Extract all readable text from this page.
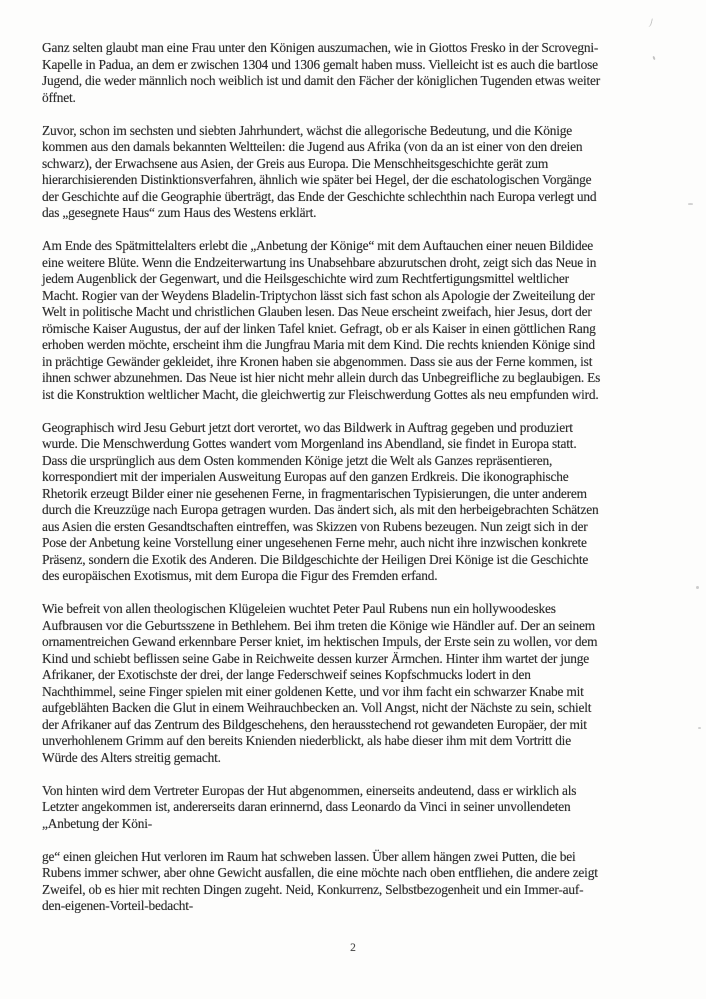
Ganz selten glaubt man eine Frau unter den Königen auszumachen, wie in Giottos Fresko in der Scrovegni-
Kapelle in Padua, an dem er zwischen 1304 und 1306 gemalt haben muss. Vielleicht ist es auch die bartlose
Jugend, die weder männlich noch weiblich ist und damit den Fächer der königlichen Tugenden etwas weiter
öffnet.

Zuvor, schon im sechsten und siebten Jahrhundert, wächst die allegorische Bedeutung, und die Könige
kommen aus den damals bekannten Weltteilen: die Jugend aus Afrika (von da an ist einer von den dreien
schwarz), der Erwachsene aus Asien, der Greis aus Europa. Die Menschheitsgeschichte gerät zum
hierarchisierenden Distinktionsverfahren, ähnlich wie später bei Hegel, der die eschatologischen Vorgänge
der Geschichte auf die Geographie überträgt, das Ende der Geschichte schlechthin nach Europa verlegt und
das „gesegnete Haus“ zum Haus des Westens erklärt.

Am Ende des Spätmittelalters erlebt die „Anbetung der Könige“ mit dem Auftauchen einer neuen Bildidee
eine weitere Blüte. Wenn die Endzeiterwartung ins Unabsehbare abzurutschen droht, zeigt sich das Neue in
jedem Augenblick der Gegenwart, und die Heilsgeschichte wird zum Rechtfertigungsmittel weltlicher
Macht. Rogier van der Weydens Bladelin-Triptychon lässt sich fast schon als Apologie der Zweiteilung der
Welt in politische Macht und christlichen Glauben lesen. Das Neue erscheint zweifach, hier Jesus, dort der
römische Kaiser Augustus, der auf der linken Tafel kniet. Gefragt, ob er als Kaiser in einen göttlichen Rang
erhoben werden möchte, erscheint ihm die Jungfrau Maria mit dem Kind. Die rechts knienden Könige sind
in prächtige Gewänder gekleidet, ihre Kronen haben sie abgenommen. Dass sie aus der Ferne kommen, ist
ihnen schwer abzunehmen. Das Neue ist hier nicht mehr allein durch das Unbegreifliche zu beglaubigen. Es
ist die Konstruktion weltlicher Macht, die gleichwertig zur Fleischwerdung Gottes als neu empfunden wird.

Geographisch wird Jesu Geburt jetzt dort verortet, wo das Bildwerk in Auftrag gegeben und produziert
wurde. Die Menschwerdung Gottes wandert vom Morgenland ins Abendland, sie findet in Europa statt.
Dass die ursprünglich aus dem Osten kommenden Könige jetzt die Welt als Ganzes repräsentieren,
korrespondiert mit der imperialen Ausweitung Europas auf den ganzen Erdkreis. Die ikonographische
Rhetorik erzeugt Bilder einer nie gesehenen Ferne, in fragmentarischen Typisierungen, die unter anderem
durch die Kreuzzüge nach Europa getragen wurden. Das ändert sich, als mit den herbeigebrachten Schätzen
aus Asien die ersten Gesandtschaften eintreffen, was Skizzen von Rubens bezeugen. Nun zeigt sich in der
Pose der Anbetung keine Vorstellung einer ungesehenen Ferne mehr, auch nicht ihre inzwischen konkrete
Präsenz, sondern die Exotik des Anderen. Die Bildgeschichte der Heiligen Drei Könige ist die Geschichte
des europäischen Exotismus, mit dem Europa die Figur des Fremden erfand.

Wie befreit von allen theologischen Klügeleien wuchtet Peter Paul Rubens nun ein hollywoodeskes
Aufbrausen vor die Geburtsszene in Bethlehem. Bei ihm treten die Könige wie Händler auf. Der an seinem
ornamentreichen Gewand erkennbare Perser kniet, im hektischen Impuls, der Erste sein zu wollen, vor dem
Kind und schiebt beflissen seine Gabe in Reichweite dessen kurzer Ärmchen. Hinter ihm wartet der junge
Afrikaner, der Exotischste der drei, der lange Federschweif seines Kopfschmucks lodert in den
Nachthimmel, seine Finger spielen mit einer goldenen Kette, und vor ihm facht ein schwarzer Knabe mit
aufgeblähten Backen die Glut in einem Weihrauchbecken an. Voll Angst, nicht der Nächste zu sein, schielt
der Afrikaner auf das Zentrum des Bildgeschehens, den herausstechend rot gewandeten Europäer, der mit
unverhohlenem Grimm auf den bereits Knienden niederblickt, als habe dieser ihm mit dem Vortritt die
Würde des Alters streitig gemacht.

Von hinten wird dem Vertreter Europas der Hut abgenommen, einerseits andeutend, dass er wirklich als
Letzter angekommen ist, andererseits daran erinnernd, dass Leonardo da Vinci in seiner unvollendeten
„Anbetung der Köni-

ge“ einen gleichen Hut verloren im Raum hat schweben lassen. Über allem hängen zwei Putten, die bei
Rubens immer schwer, aber ohne Gewicht ausfallen, die eine möchte nach oben entfliehen, die andere zeigt
Zweifel, ob es hier mit rechten Dingen zugeht. Neid, Konkurrenz, Selbstbezogenheit und ein Immer-auf-
den-eigenen-Vorteil-bedacht-

2
